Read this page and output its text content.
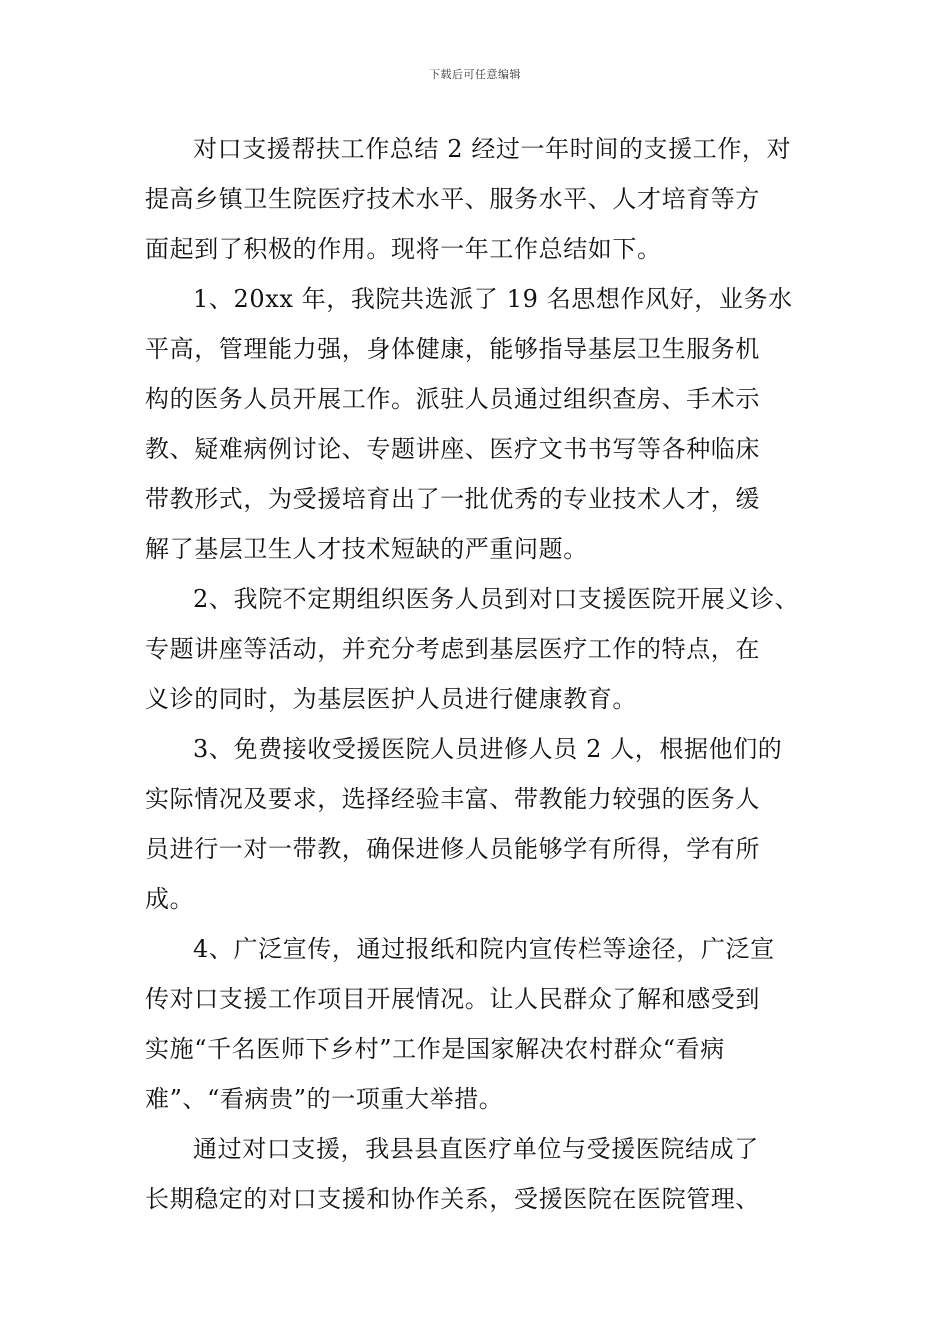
下载后可任意编辑

对口支援帮扶工作总结 2 经过一年时间的支援工作，对
提高乡镇卫生院医疗技术水平、服务水平、人才培育等方
面起到了积极的作用。现将一年工作总结如下。

1、20xx 年，我院共选派了 19 名思想作风好，业务水
平高，管理能力强，身体健康，能够指导基层卫生服务机
构的医务人员开展工作。派驻人员通过组织查房、手术示
教、疑难病例讨论、专题讲座、医疗文书书写等各种临床
带教形式，为受援培育出了一批优秀的专业技术人才，缓
解了基层卫生人才技术短缺的严重问题。

2、我院不定期组织医务人员到对口支援医院开展义诊、
专题讲座等活动，并充分考虑到基层医疗工作的特点，在
义诊的同时，为基层医护人员进行健康教育。

3、免费接收受援医院人员进修人员 2 人，根据他们的
实际情况及要求，选择经验丰富、带教能力较强的医务人
员进行一对一带教，确保进修人员能够学有所得，学有所
成。

4、广泛宣传，通过报纸和院内宣传栏等途径，广泛宣
传对口支援工作项目开展情况。让人民群众了解和感受到
实施“千名医师下乡村”工作是国家解决农村群众“看病
难”、“看病贵”的一项重大举措。

通过对口支援，我县县直医疗单位与受援医院结成了
长期稳定的对口支援和协作关系，受援医院在医院管理、
